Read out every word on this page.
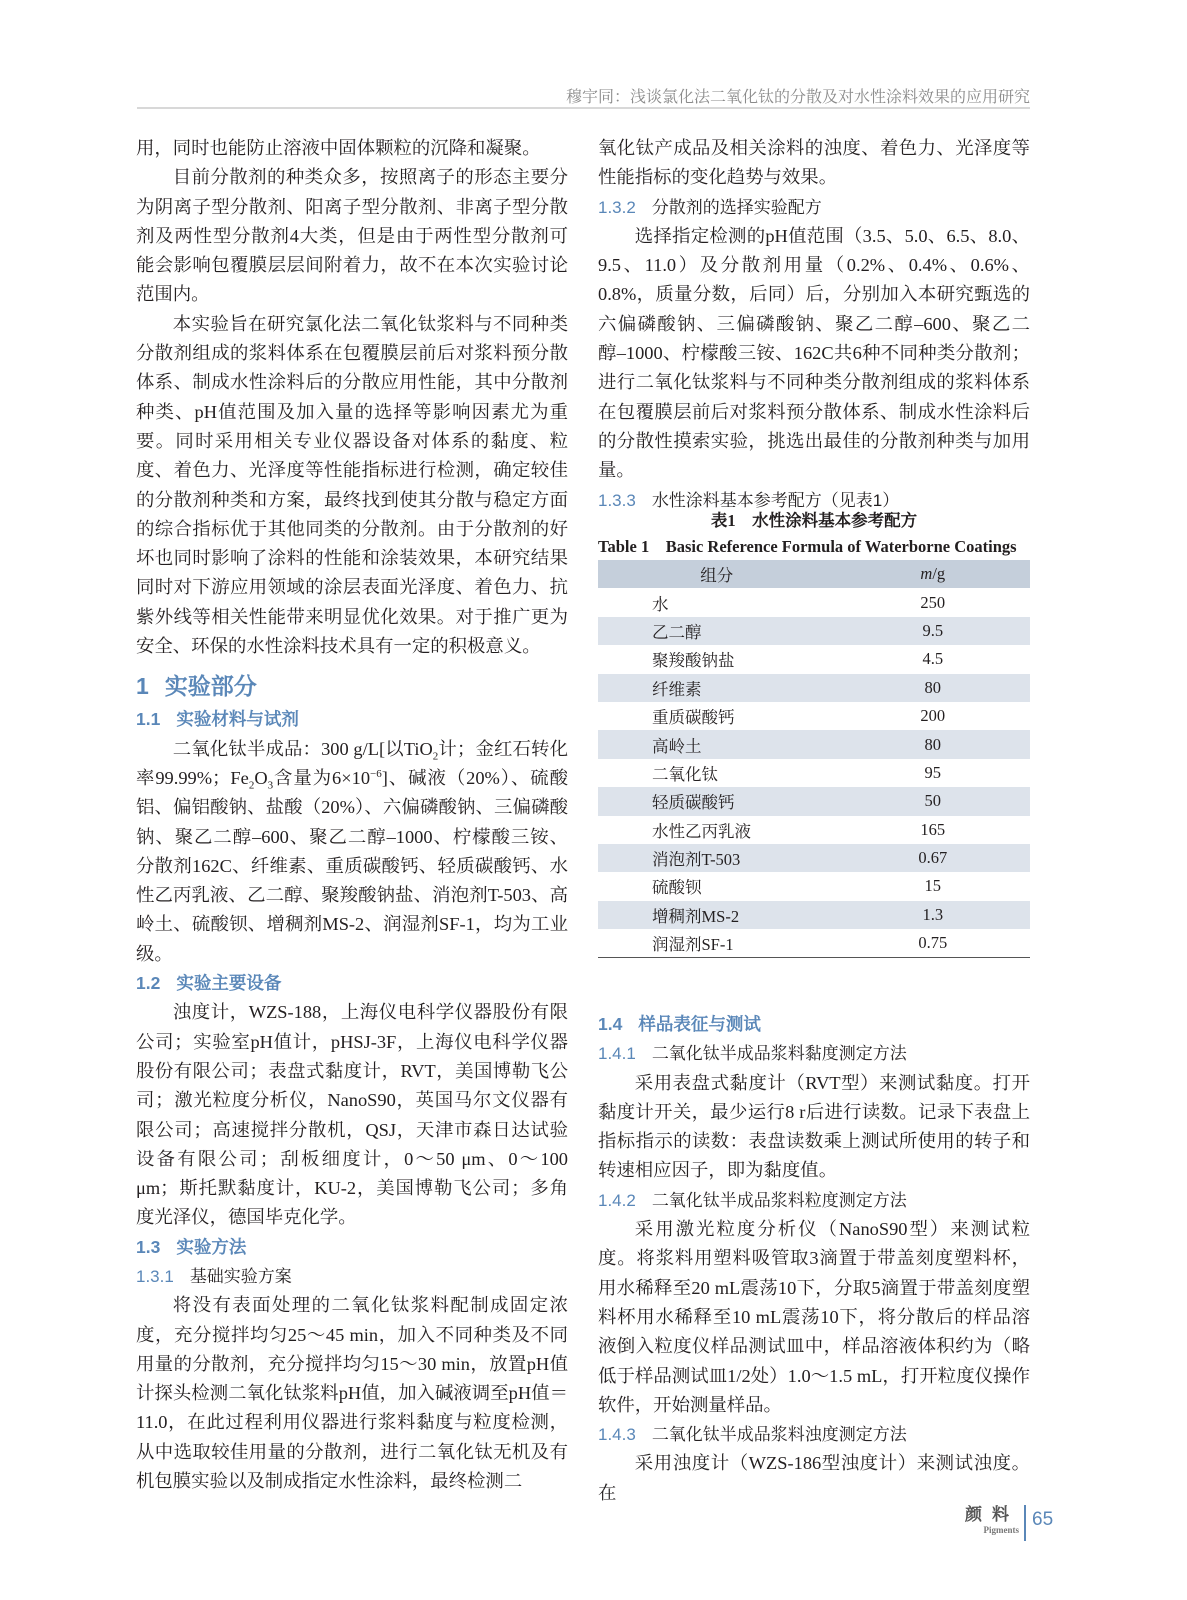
穆宇同：浅谈氯化法二氧化钛的分散及对水性涂料效果的应用研究

用，同时也能防止溶液中固体颗粒的沉降和凝聚。

目前分散剂的种类众多，按照离子的形态主要分为阴离子型分散剂、阳离子型分散剂、非离子型分散剂及两性型分散剂4大类，但是由于两性型分散剂可能会影响包覆膜层层间附着力，故不在本次实验讨论范围内。

本实验旨在研究氯化法二氧化钛浆料与不同种类分散剂组成的浆料体系在包覆膜层前后对浆料预分散体系、制成水性涂料后的分散应用性能，其中分散剂种类、pH值范围及加入量的选择等影响因素尤为重要。同时采用相关专业仪器设备对体系的黏度、粒度、着色力、光泽度等性能指标进行检测，确定较佳的分散剂种类和方案，最终找到使其分散与稳定方面的综合指标优于其他同类的分散剂。由于分散剂的好坏也同时影响了涂料的性能和涂装效果，本研究结果同时对下游应用领域的涂层表面光泽度、着色力、抗紫外线等相关性能带来明显优化效果。对于推广更为安全、环保的水性涂料技术具有一定的积极意义。

1 实验部分
1.1 实验材料与试剂

二氧化钛半成品：300 g/L[以TiO$_2$计；金红石转化率99.99%；$Fe_2O_3$含量为$6\times 10^{-6}$]、碱液（20%）、硫酸铝、偏铝酸钠、盐酸（20%）、六偏磷酸钠、三偏磷酸钠、聚乙二醇–600、聚乙二醇–1000、柠檬酸三铵、分散剂162C、纤维素、重质碳酸钙、轻质碳酸钙、水性乙丙乳液、乙二醇、聚羧酸钠盐、消泡剂T-503、高岭土、硫酸钡、增稠剂MS-2、润湿剂SF-1，均为工业级。

1.2 实验主要设备

浊度计，WZS-188，上海仪电科学仪器股份有限公司；实验室pH值计，pHSJ-3F，上海仪电科学仪器股份有限公司；表盘式黏度计，RVT，美国博勒飞公司；激光粒度分析仪，NanoS90，英国马尔文仪器有限公司；高速搅拌分散机，QSJ，天津市森日达试验设备有限公司；刮板细度计，0～50 μm、0～100 μm；斯托默黏度计，KU-2，美国博勒飞公司；多角度光泽仪，德国毕克化学。

1.3 实验方法
1.3.1 基础实验方案

将没有表面处理的二氧化钛浆料配制成固定浓度，充分搅拌均匀25～45 min，加入不同种类及不同用量的分散剂，充分搅拌均匀15～30 min，放置pH值计探头检测二氧化钛浆料pH值，加入碱液调至pH值＝11.0，在此过程利用仪器进行浆料黏度与粒度检测，从中选取较佳用量的分散剂，进行二氧化钛无机及有机包膜实验以及制成指定水性涂料，最终检测二

氧化钛产成品及相关涂料的浊度、着色力、光泽度等性能指标的变化趋势与效果。

1.3.2 分散剂的选择实验配方

选择指定检测的pH值范围（3.5、5.0、6.5、8.0、9.5、11.0）及分散剂用量（0.2%、0.4%、0.6%、0.8%，质量分数，后同）后，分别加入本研究甄选的六偏磷酸钠、三偏磷酸钠、聚乙二醇–600、聚乙二醇–1000、柠檬酸三铵、162C共6种不同种类分散剂；进行二氧化钛浆料与不同种类分散剂组成的浆料体系在包覆膜层前后对浆料预分散体系、制成水性涂料后的分散性摸索实验，挑选出最佳的分散剂种类与加用量。

1.3.3 水性涂料基本参考配方（见表1）
表1　水性涂料基本参考配方
Table 1　Basic Reference Formula of Waterborne Coatings
组分	m/g
水	250
乙二醇	9.5
聚羧酸钠盐	4.5
纤维素	80
重质碳酸钙	200
高岭土	80
二氧化钛	95
轻质碳酸钙	50
水性乙丙乳液	165
消泡剂T-503	0.67
硫酸钡	15
增稠剂MS-2	1.3
润湿剂SF-1	0.75
1.4 样品表征与测试
1.4.1 二氧化钛半成品浆料黏度测定方法

采用表盘式黏度计（RVT型）来测试黏度。打开黏度计开关，最少运行8 r后进行读数。记录下表盘上指标指示的读数：表盘读数乘上测试所使用的转子和转速相应因子，即为黏度值。

1.4.2 二氧化钛半成品浆料粒度测定方法

采用激光粒度分析仪（NanoS90型）来测试粒度。将浆料用塑料吸管取3滴置于带盖刻度塑料杯，用水稀释至20 mL震荡10下，分取5滴置于带盖刻度塑料杯用水稀释至10 mL震荡10下，将分散后的样品溶液倒入粒度仪样品测试皿中，样品溶液体积约为（略低于样品测试皿1/2处）1.0～1.5 mL，打开粒度仪操作软件，开始测量样品。

1.4.3 二氧化钛半成品浆料浊度测定方法

采用浊度计（WZS-186型浊度计）来测试浊度。在

颜料
Pigments 65
